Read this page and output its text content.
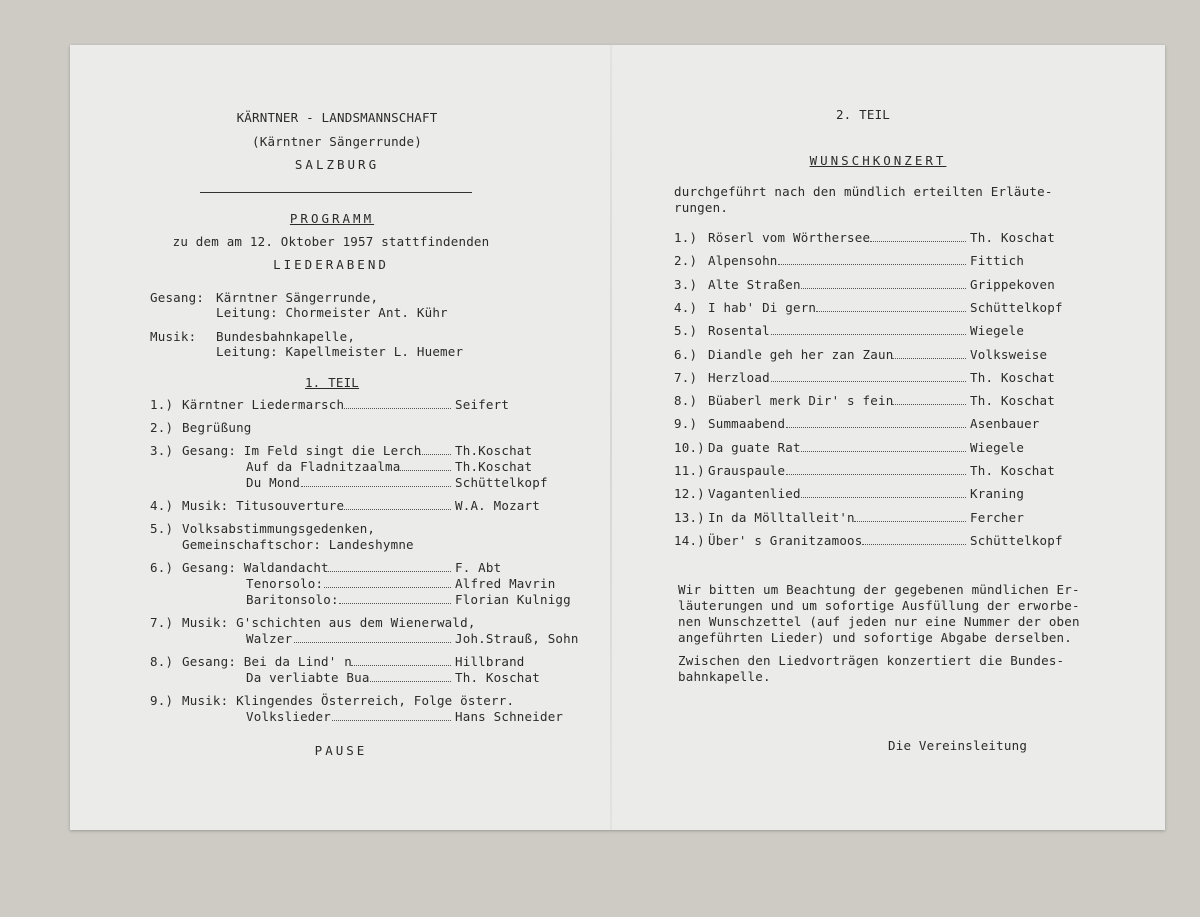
KÄRNTNER - LANDSMANNSCHAFT
(Kärntner Sängerrunde)
SALZBURG
PROGRAMM
zu dem am 12. Oktober 1957 stattfindenden
LIEDERABEND
Gesang: Kärntner Sängerrunde,
Leitung: Chormeister Ant. Kühr
Musik: Bundesbahnkapelle,
Leitung: Kapellmeister L. Huemer
1. TEIL
1.) Kärntner Liedermarsch	Seifert
2.) Begrüßung
3.) Gesang: Im Feld singt die Lerch	Th.Koschat
Auf da Fladnitzaalma	Th.Koschat
Du Mond	Schüttelkopf
4.) Musik: Titusouverture	W.A. Mozart
5.) Volksabstimmungsgedenken,
Gemeinschaftschor: Landeshymne
6.) Gesang: Waldandacht	F. Abt
Tenorsolo:	Alfred Mavrin
Baritonsolo:	Florian Kulnigg
7.) Musik: G'schichten aus dem Wienerwald,
Walzer	Joh.Strauß, Sohn
8.) Gesang: Bei da Lind' n	Hillbrand
Da verliabte Bua	Th. Koschat
9.) Musik: Klingendes Österreich, Folge österr.
Volkslieder	Hans Schneider
PAUSE
2. TEIL
WUNSCHKONZERT
durchgeführt nach den mündlich erteilten Erläute-
rungen.
1.) Röserl vom Wörthersee	Th. Koschat
2.) Alpensohn	Fittich
3.) Alte Straßen	Grippekoven
4.) I hab' Di gern	Schüttelkopf
5.) Rosental	Wiegele
6.) Diandle geh her zan Zaun	Volksweise
7.) Herzload	Th. Koschat
8.) Büaberl merk Dir' s fein	Th. Koschat
9.) Summaabend	Asenbauer
10.) Da guate Rat	Wiegele
11.) Grauspaule	Th. Koschat
12.) Vagantenlied	Kraning
13.) In da Mölltalleit'n	Fercher
14.) Über' s Granitzamoos	Schüttelkopf
Wir bitten um Beachtung der gegebenen mündlichen Er-
läuterungen und um sofortige Ausfüllung der erworbe-
nen Wunschzettel (auf jeden nur eine Nummer der oben
angeführten Lieder) und sofortige Abgabe derselben.
Zwischen den Liedvorträgen konzertiert die Bundes-
bahnkapelle.
Die Vereinsleitung
